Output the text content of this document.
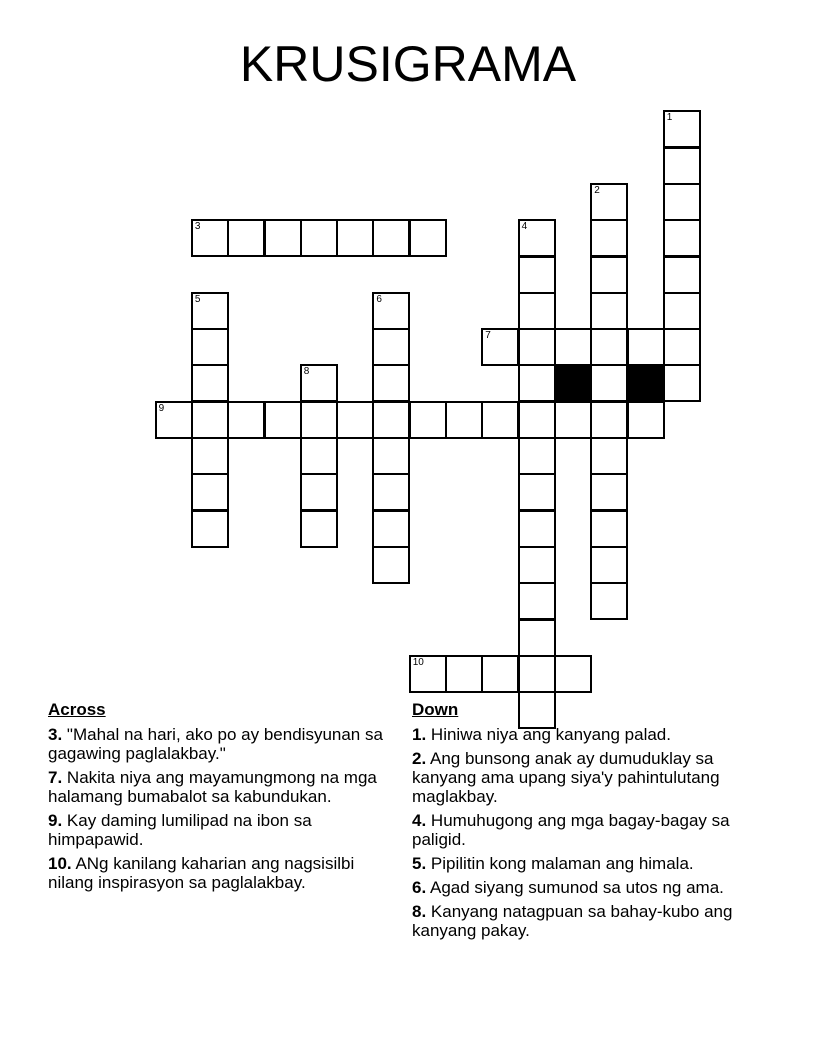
KRUSIGRAMA
1
2
3	4
5	6
7
8
9
10
Across
3. "Mahal na hari, ako po ay bendisyunan sa gagawing paglalakbay."
7. Nakita niya ang mayamungmong na mga halamang bumabalot sa kabundukan.
9. Kay daming lumilipad na ibon sa himpapawid.
10. ANg kanilang kaharian ang nagsisilbi nilang inspirasyon sa paglalakbay.
Down
1. Hiniwa niya ang kanyang palad.
2. Ang bunsong anak ay dumuduklay sa kanyang ama upang siya'y pahintulutang maglakbay.
4. Humuhugong ang mga bagay-bagay sa paligid.
5. Pipilitin kong malaman ang himala.
6. Agad siyang sumunod sa utos ng ama.
8. Kanyang natagpuan sa bahay-kubo ang kanyang pakay.
